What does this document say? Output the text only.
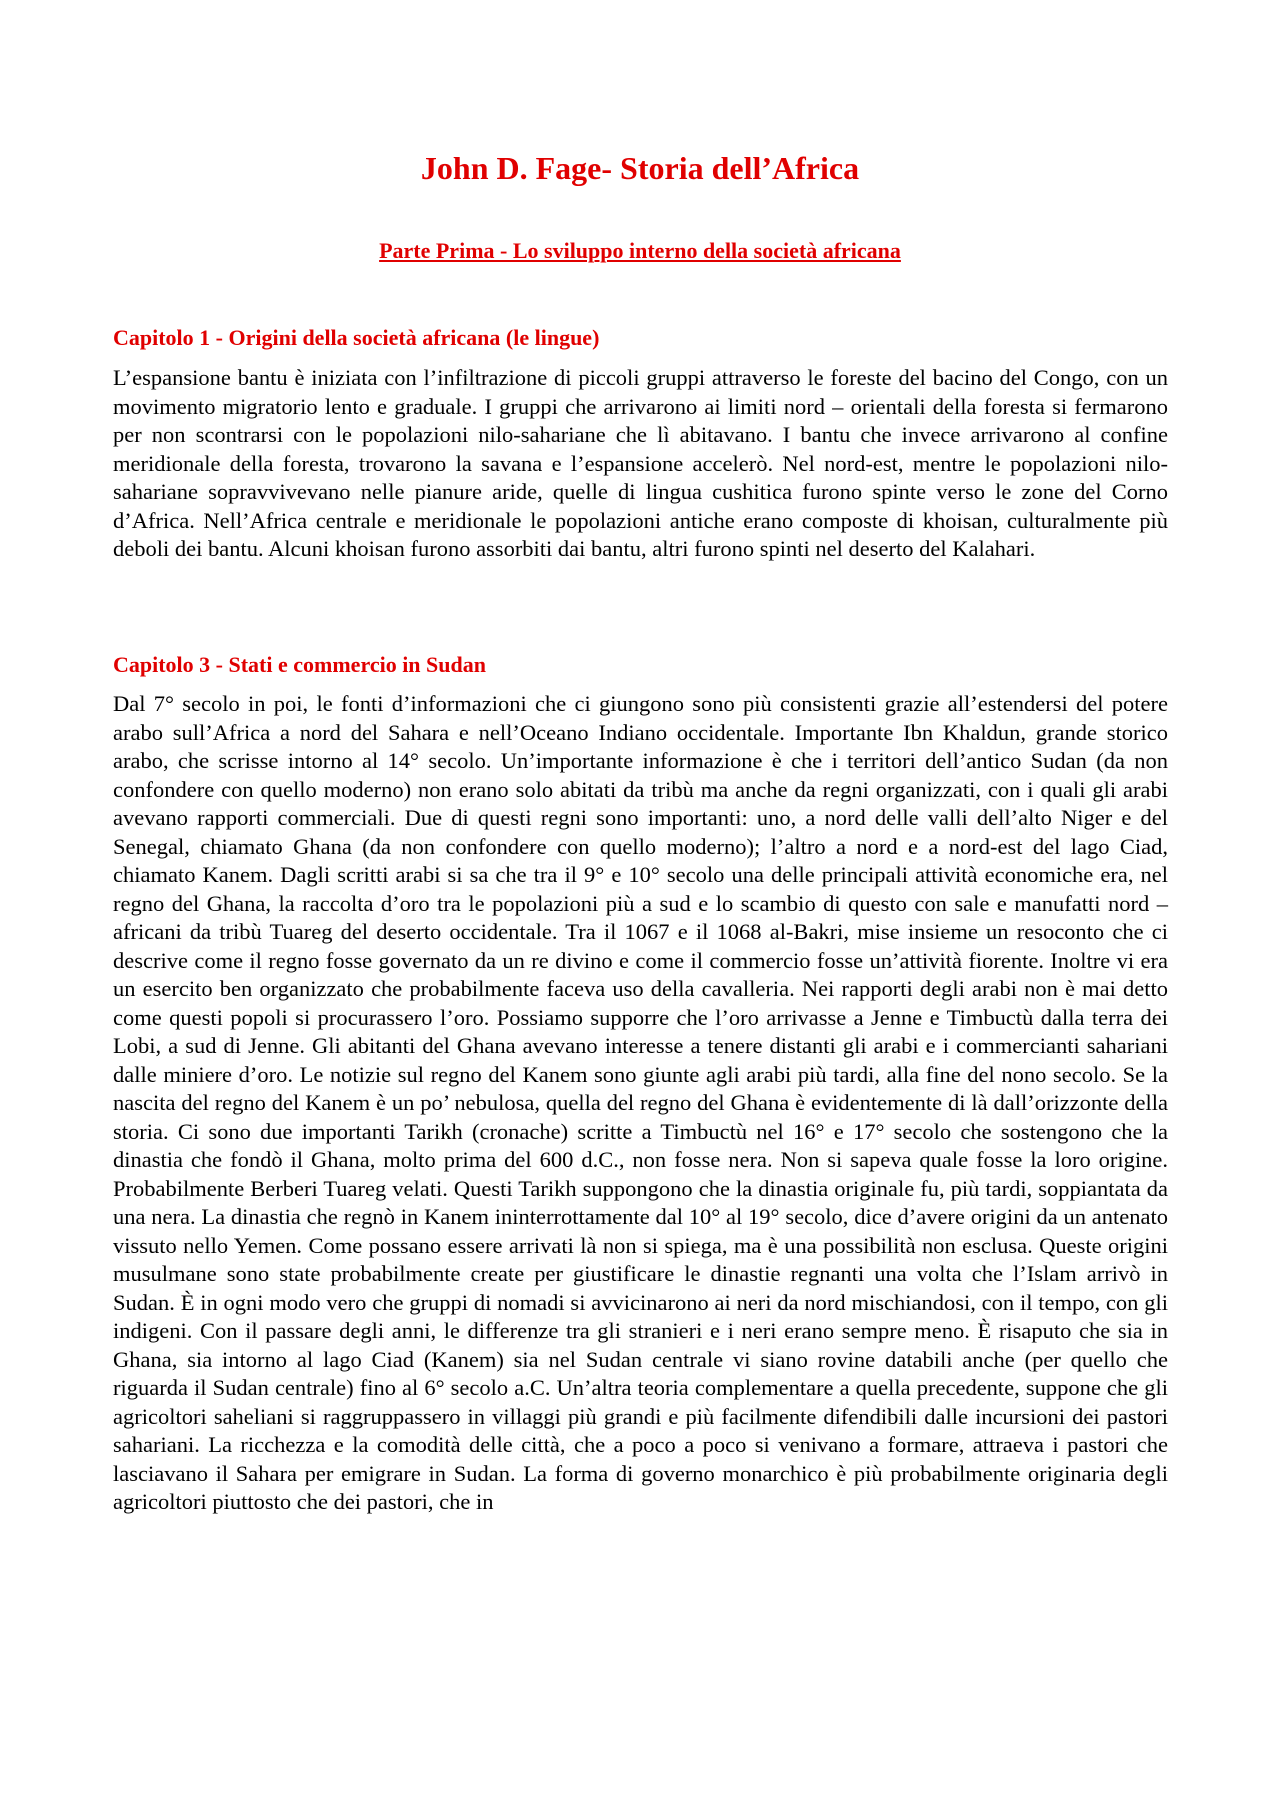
John D. Fage- Storia dell’Africa
Parte Prima - Lo sviluppo interno della società africana
Capitolo 1 - Origini della società africana (le lingue)

L’espansione bantu è iniziata con l’infiltrazione di piccoli gruppi attraverso le foreste del bacino del Congo, con un movimento migratorio lento e graduale. I gruppi che arrivarono ai limiti nord – orientali della foresta si fermarono per non scontrarsi con le popolazioni nilo-sahariane che lì abitavano. I bantu che invece arrivarono al confine meridionale della foresta, trovarono la savana e l’espansione accelerò. Nel nord-est, mentre le popolazioni nilo-sahariane sopravvivevano nelle pianure aride, quelle di lingua cushitica furono spinte verso le zone del Corno d’Africa. Nell’Africa centrale e meridionale le popolazioni antiche erano composte di khoisan, culturalmente più deboli dei bantu. Alcuni khoisan furono assorbiti dai bantu, altri furono spinti nel deserto del Kalahari.

Capitolo 3 - Stati e commercio in Sudan

Dal 7° secolo in poi, le fonti d’informazioni che ci giungono sono più consistenti grazie all’estendersi del potere arabo sull’Africa a nord del Sahara e nell’Oceano Indiano occidentale. Importante Ibn Khaldun, grande storico arabo, che scrisse intorno al 14° secolo. Un’importante informazione è che i territori dell’antico Sudan (da non confondere con quello moderno) non erano solo abitati da tribù ma anche da regni organizzati, con i quali gli arabi avevano rapporti commerciali. Due di questi regni sono importanti: uno, a nord delle valli dell’alto Niger e del Senegal, chiamato Ghana (da non confondere con quello moderno); l’altro a nord e a nord-est del lago Ciad, chiamato Kanem. Dagli scritti arabi si sa che tra il 9° e 10° secolo una delle principali attività economiche era, nel regno del Ghana, la raccolta d’oro tra le popolazioni più a sud e lo scambio di questo con sale e manufatti nord – africani da tribù Tuareg del deserto occidentale. Tra il 1067 e il 1068 al-Bakri, mise insieme un resoconto che ci descrive come il regno fosse governato da un re divino e come il commercio fosse un’attività fiorente. Inoltre vi era un esercito ben organizzato che probabilmente faceva uso della cavalleria. Nei rapporti degli arabi non è mai detto come questi popoli si procurassero l’oro. Possiamo supporre che l’oro arrivasse a Jenne e Timbuctù dalla terra dei Lobi, a sud di Jenne. Gli abitanti del Ghana avevano interesse a tenere distanti gli arabi e i commercianti sahariani dalle miniere d’oro. Le notizie sul regno del Kanem sono giunte agli arabi più tardi, alla fine del nono secolo. Se la nascita del regno del Kanem è un po’ nebulosa, quella del regno del Ghana è evidentemente di là dall’orizzonte della storia. Ci sono due importanti Tarikh (cronache) scritte a Timbuctù nel 16° e 17° secolo che sostengono che la dinastia che fondò il Ghana, molto prima del 600 d.C., non fosse nera. Non si sapeva quale fosse la loro origine. Probabilmente Berberi Tuareg velati. Questi Tarikh suppongono che la dinastia originale fu, più tardi, soppiantata da una nera. La dinastia che regnò in Kanem ininterrottamente dal 10° al 19° secolo, dice d’avere origini da un antenato vissuto nello Yemen. Come possano essere arrivati là non si spiega, ma è una possibilità non esclusa. Queste origini musulmane sono state probabilmente create per giustificare le dinastie regnanti una volta che l’Islam arrivò in Sudan. È in ogni modo vero che gruppi di nomadi si avvicinarono ai neri da nord mischiandosi, con il tempo, con gli indigeni. Con il passare degli anni, le differenze tra gli stranieri e i neri erano sempre meno. È risaputo che sia in Ghana, sia intorno al lago Ciad (Kanem) sia nel Sudan centrale vi siano rovine databili anche (per quello che riguarda il Sudan centrale) fino al 6° secolo a.C. Un’altra teoria complementare a quella precedente, suppone che gli agricoltori saheliani si raggruppassero in villaggi più grandi e più facilmente difendibili dalle incursioni dei pastori sahariani. La ricchezza e la comodità delle città, che a poco a poco si venivano a formare, attraeva i pastori che lasciavano il Sahara per emigrare in Sudan. La forma di governo monarchico è più probabilmente originaria degli agricoltori piuttosto che dei pastori, che in
